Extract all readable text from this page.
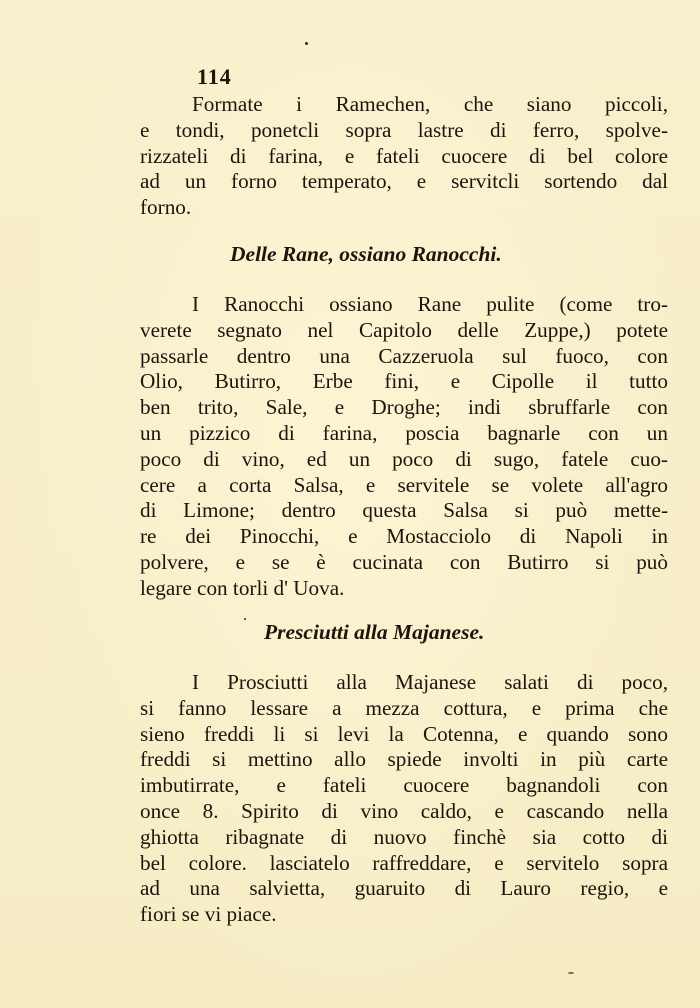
114
Formate i Ramechen, che siano piccoli,
e tondi, ponetcli sopra lastre di ferro, spolve-
rizzateli di farina, e fateli cuocere di bel colore
ad un forno temperato, e servitcli sortendo dal
forno.
Delle Rane, ossiano Ranocchi.
I Ranocchi ossiano Rane pulite (come tro-
verete segnato nel Capitolo delle Zuppe,) potete
passarle dentro una Cazzeruola sul fuoco, con
Olio, Butirro, Erbe fini, e Cipolle il tutto
ben trito, Sale, e Droghe; indi sbruffarle con
un pizzico di farina, poscia bagnarle con un
poco di vino, ed un poco di sugo, fatele cuo-
cere a corta Salsa, e servitele se volete all'agro
di Limone; dentro questa Salsa si può mette-
re dei Pinocchi, e Mostacciolo di Napoli in
polvere, e se è cucinata con Butirro si può
legare con torli d' Uova.
Presciutti alla Majanese.
I Prosciutti alla Majanese salati di poco,
si fanno lessare a mezza cottura, e prima che
sieno freddi li si levi la Cotenna, e quando sono
freddi si mettino allo spiede involti in più carte
imbutirrate, e fateli cuocere bagnandoli con
once 8. Spirito di vino caldo, e cascando nella
ghiotta ribagnate di nuovo finchè sia cotto di
bel colore. lasciatelo raffreddare, e servitelo sopra
ad una salvietta, guaruito di Lauro regio, e
fiori se vi piace.
